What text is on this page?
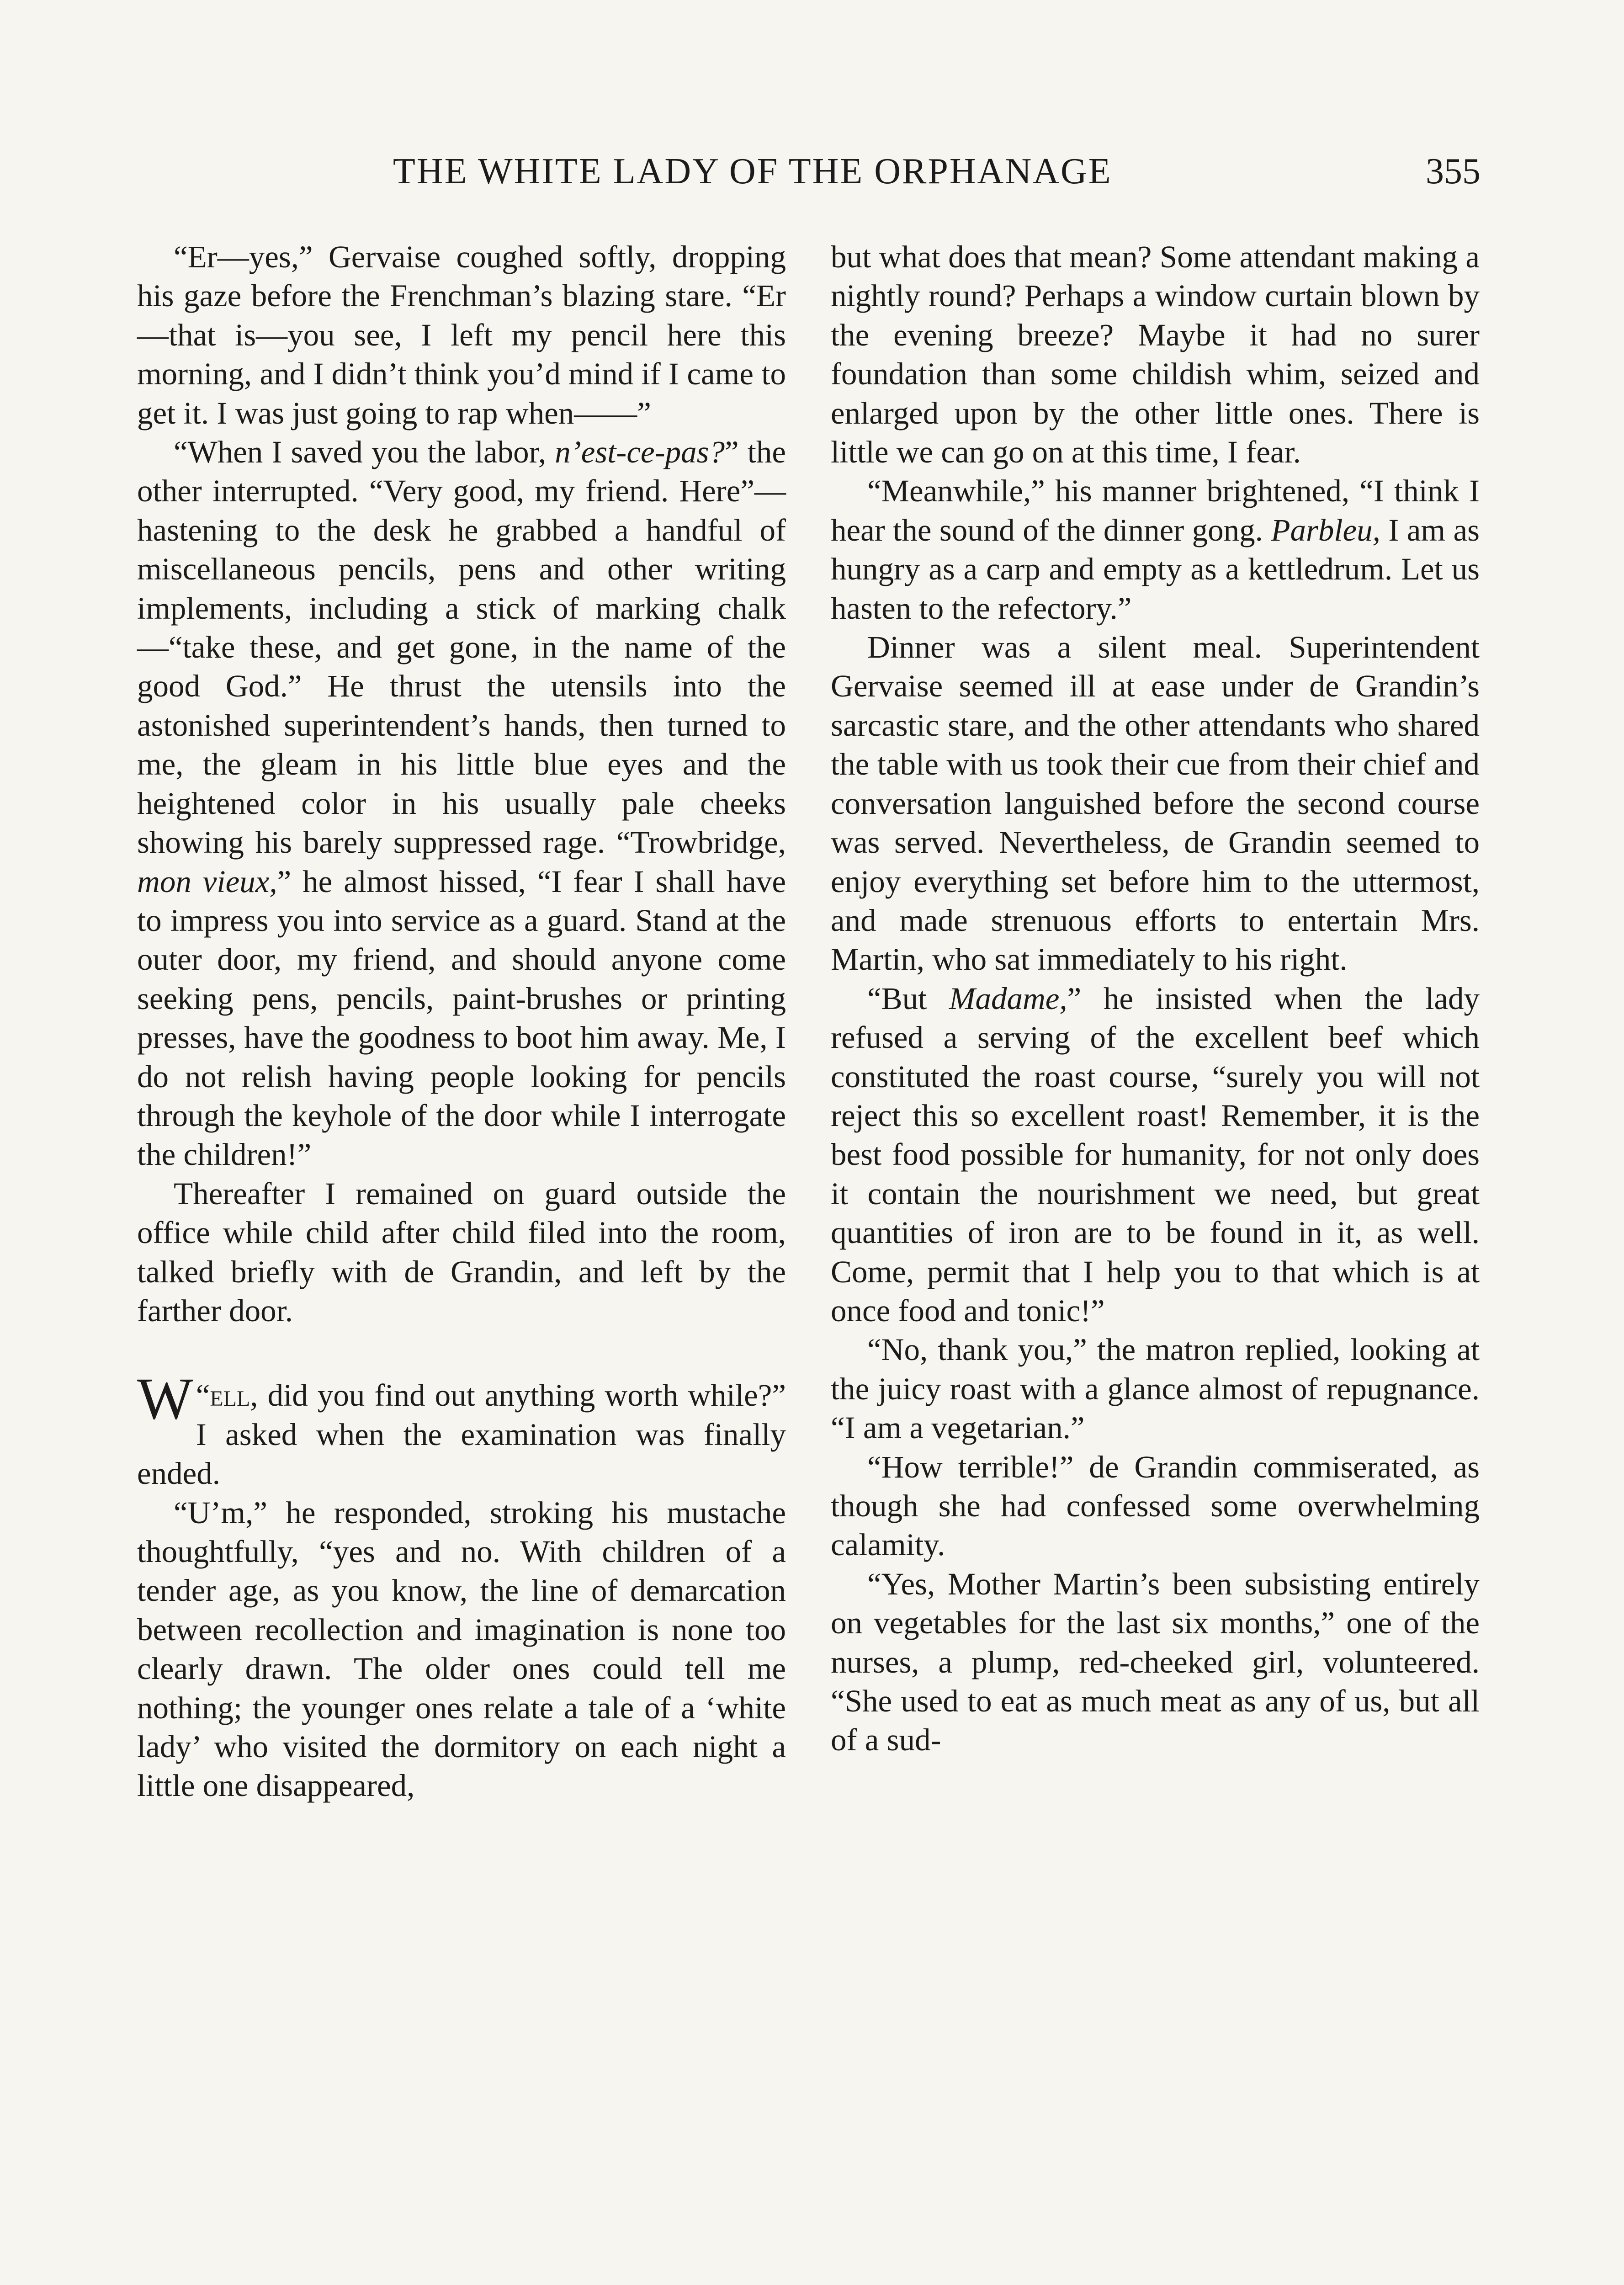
THE WHITE LADY OF THE ORPHANAGE	355

“Er—yes,” Gervaise coughed softly, dropping his gaze before the Frenchman’s blazing stare. “Er—that is—you see, I left my pencil here this morning, and I didn’t think you’d mind if I came to get it. I was just going to rap when——”

“When I saved you the labor, n’est-ce-pas?” the other interrupted. “Very good, my friend. Here”—hastening to the desk he grabbed a handful of miscellaneous pencils, pens and other writing implements, including a stick of marking chalk—“take these, and get gone, in the name of the good God.” He thrust the utensils into the astonished superintendent’s hands, then turned to me, the gleam in his little blue eyes and the heightened color in his usually pale cheeks showing his barely suppressed rage. “Trowbridge, mon vieux,” he almost hissed, “I fear I shall have to impress you into service as a guard. Stand at the outer door, my friend, and should anyone come seeking pens, pencils, paint-brushes or printing presses, have the goodness to boot him away. Me, I do not relish having people looking for pencils through the keyhole of the door while I interrogate the children!”

Thereafter I remained on guard outside the office while child after child filed into the room, talked briefly with de Grandin, and left by the farther door.

“
W ell, did you find out anything worth while?” I asked when the examination was finally ended.

“U’m,” he responded, stroking his mustache thoughtfully, “yes and no. With children of a tender age, as you know, the line of demarcation between recollection and imagination is none too clearly drawn. The older ones could tell me nothing; the younger ones relate a tale of a ‘white lady’ who visited the dormitory on each night a little one disappeared,

but what does that mean? Some attendant making a nightly round? Perhaps a window curtain blown by the evening breeze? Maybe it had no surer foundation than some childish whim, seized and enlarged upon by the other little ones. There is little we can go on at this time, I fear.

“Meanwhile,” his manner brightened, “I think I hear the sound of the dinner gong. Parbleu, I am as hungry as a carp and empty as a kettledrum. Let us hasten to the refectory.”

Dinner was a silent meal. Superintendent Gervaise seemed ill at ease under de Grandin’s sarcastic stare, and the other attendants who shared the table with us took their cue from their chief and conversation languished before the second course was served. Nevertheless, de Grandin seemed to enjoy everything set before him to the uttermost, and made strenuous efforts to entertain Mrs. Martin, who sat immediately to his right.

“But Madame,” he insisted when the lady refused a serving of the excellent beef which constituted the roast course, “surely you will not reject this so excellent roast! Remember, it is the best food possible for humanity, for not only does it contain the nourishment we need, but great quantities of iron are to be found in it, as well. Come, permit that I help you to that which is at once food and tonic!”

“No, thank you,” the matron replied, looking at the juicy roast with a glance almost of repugnance. “I am a vegetarian.”

“How terrible!” de Grandin commiserated, as though she had confessed some overwhelming calamity.

“Yes, Mother Martin’s been subsisting entirely on vegetables for the last six months,” one of the nurses, a plump, red-cheeked girl, volunteered. “She used to eat as much meat as any of us, but all of a sud-
